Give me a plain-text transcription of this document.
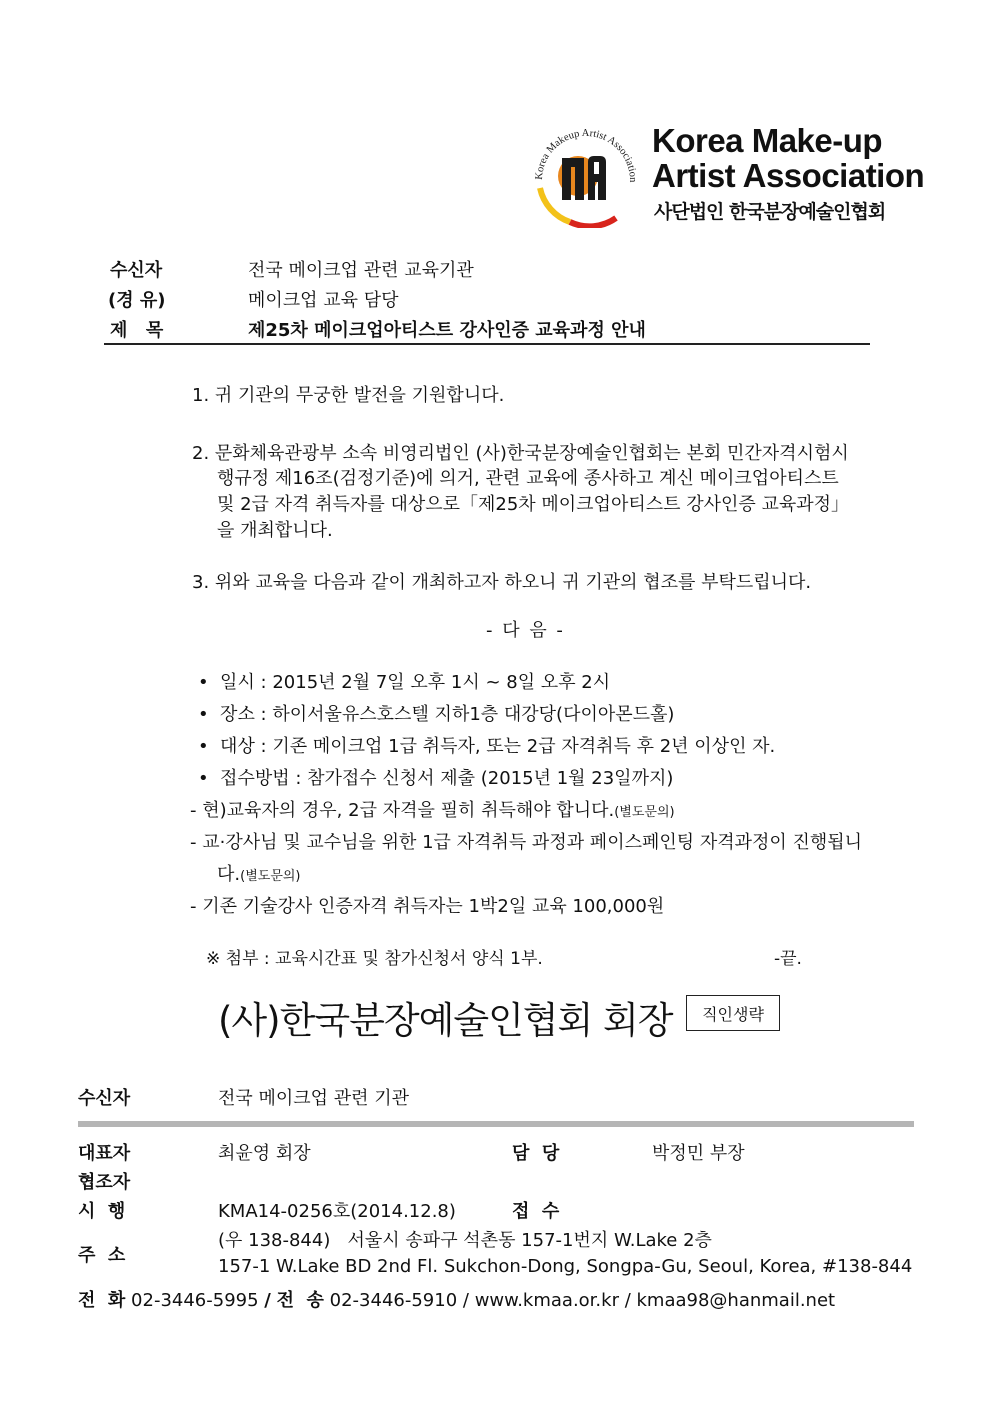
Korea Makeup Artist Association
Korea Make-up
Artist Association
사단법인 한국분장예술인협회
수신자	전국 메이크업 관련 교육기관
(경 유)	메이크업 교육 담당
제  목	제25차 메이크업아티스트 강사인증 교육과정 안내
1. 귀 기관의 무궁한 발전을 기원합니다.
2. 문화체육관광부 소속 비영리법인 (사)한국분장예술인협회는 본회 민간자격시험시
행규정 제16조(검정기준)에 의거, 관련 교육에 종사하고 계신 메이크업아티스트
및 2급 자격 취득자를 대상으로「제25차 메이크업아티스트 강사인증 교육과정」
을 개최합니다.
3. 위와 교육을 다음과 같이 개최하고자 하오니 귀 기관의 협조를 부탁드립니다.
- 다 음 -
•  일시 : 2015년 2월 7일 오후 1시 ~ 8일 오후 2시
•  장소 : 하이서울유스호스텔 지하1층 대강당(다이아몬드홀)
•  대상 : 기존 메이크업 1급 취득자, 또는 2급 자격취득 후 2년 이상인 자.
•  접수방법 : 참가접수 신청서 제출 (2015년 1월 23일까지)
- 현)교육자의 경우, 2급 자격을 필히 취득해야 합니다.(별도문의)
- 교·강사님 및 교수님을 위한 1급 자격취득 과정과 페이스페인팅 자격과정이 진행됩니
다.(별도문의)
- 기존 기술강사 인증자격 취득자는 1박2일 교육 100,000원
※ 첨부 : 교육시간표 및 참가신청서 양식 1부.	-끝.
(사)한국분장예술인협회 회장 직인생략
수신자	전국 메이크업 관련 기관
대표자	최윤영 회장	담  당	박정민 부장
협조자
시  행	KMA14-0256호(2014.12.8)	접  수
주  소
(우 138-844)   서울시 송파구 석촌동 157-1번지 W.Lake 2층
157-1 W.Lake BD 2nd Fl. Sukchon-Dong, Songpa-Gu, Seoul, Korea, #138-844
전  화 02-3446-5995 / 전  송 02-3446-5910 / www.kmaa.or.kr / kmaa98@hanmail.net
